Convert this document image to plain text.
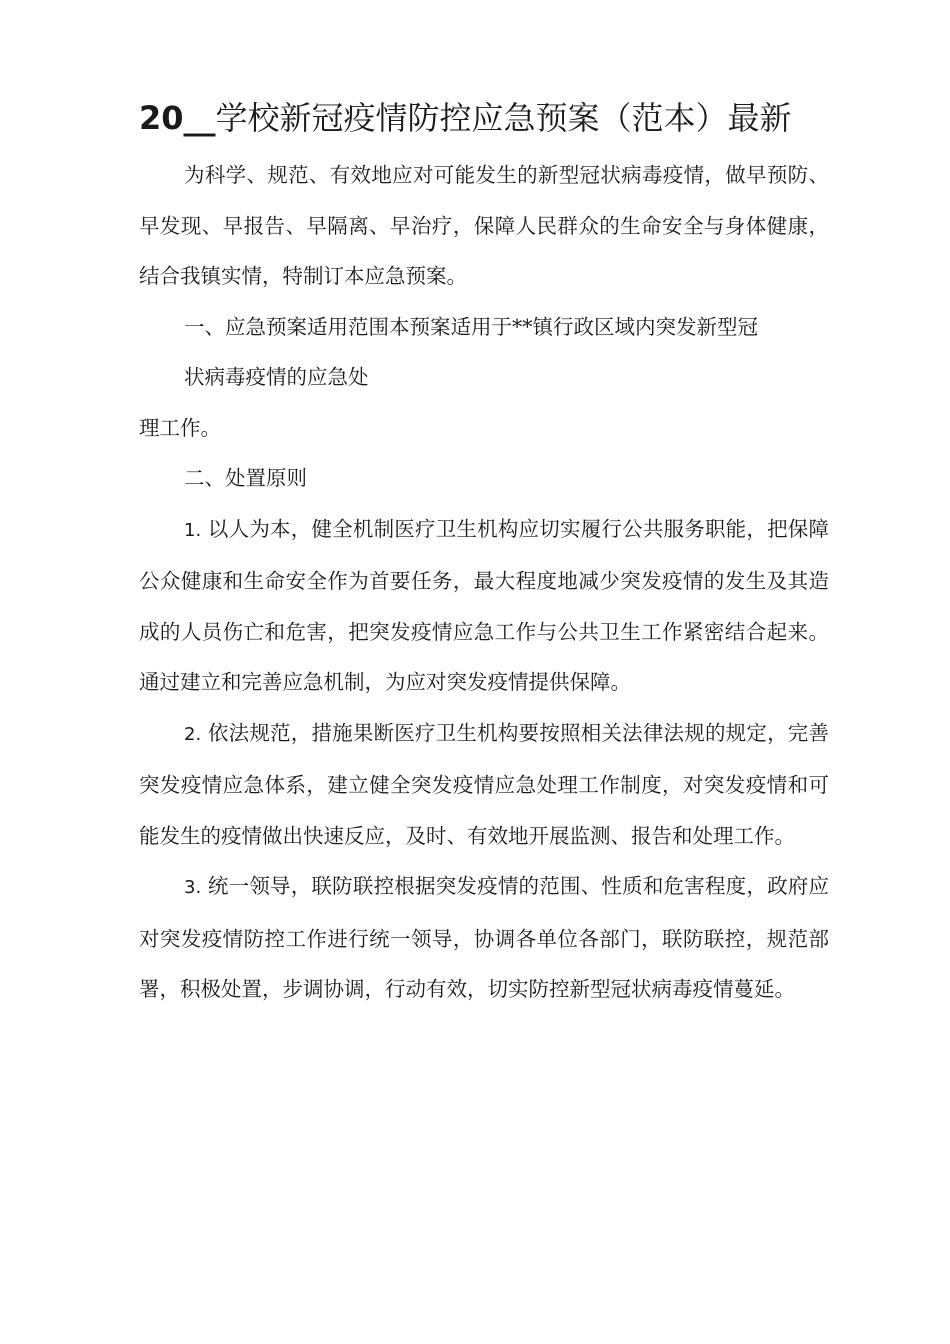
20__学校新冠疫情防控应急预案（范本）最新

为科学、规范、有效地应对可能发生的新型冠状病毒疫情，做早预防、早发现、早报告、早隔离、早治疗，保障人民群众的生命安全与身体健康，结合我镇实情，特制订本应急预案。

一、应急预案适用范围本预案适用于**镇行政区域内突发新型冠

状病毒疫情的应急处

理工作。

二、处置原则

1. 以人为本，健全机制医疗卫生机构应切实履行公共服务职能，把保障公众健康和生命安全作为首要任务，最大程度地减少突发疫情的发生及其造成的人员伤亡和危害，把突发疫情应急工作与公共卫生工作紧密结合起来。通过建立和完善应急机制，为应对突发疫情提供保障。

2. 依法规范，措施果断医疗卫生机构要按照相关法律法规的规定，完善突发疫情应急体系，建立健全突发疫情应急处理工作制度，对突发疫情和可能发生的疫情做出快速反应，及时、有效地开展监测、报告和处理工作。

3. 统一领导，联防联控根据突发疫情的范围、性质和危害程度，政府应对突发疫情防控工作进行统一领导，协调各单位各部门，联防联控，规范部署，积极处置，步调协调，行动有效，切实防控新型冠状病毒疫情蔓延。
